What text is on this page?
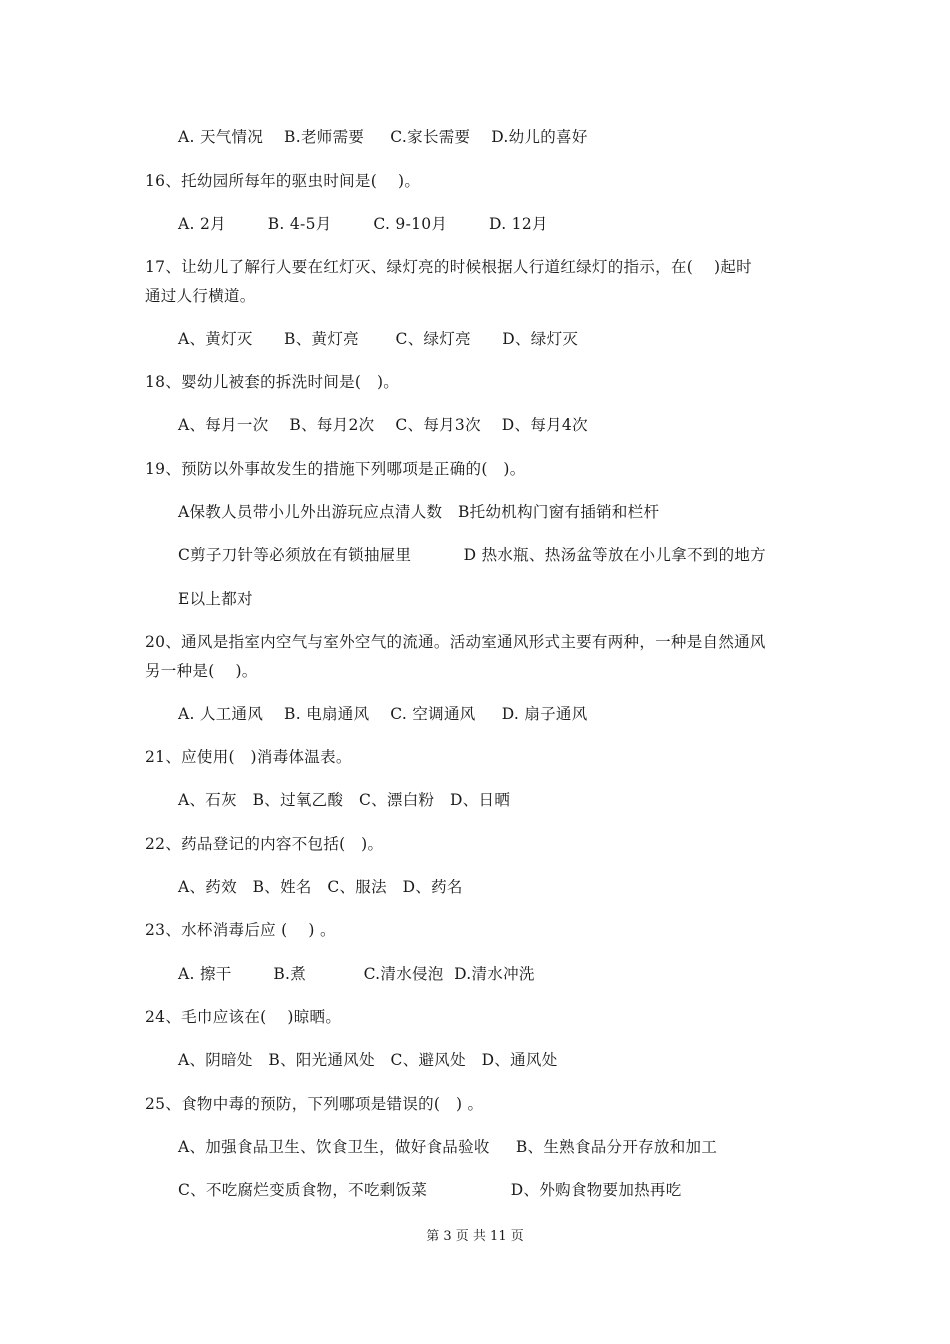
A. 天气情况    B.老师需要     C.家长需要    D.幼儿的喜好
16、托幼园所每年的驱虫时间是(    )。
A. 2月        B. 4-5月        C. 9-10月        D. 12月
17、让幼儿了解行人要在红灯灭、绿灯亮的时候根据人行道红绿灯的指示，在(    )起时
通过人行横道。
A、黄灯灭      B、黄灯亮       C、绿灯亮      D、绿灯灭
18、婴幼儿被套的拆洗时间是(   )。
A、每月一次    B、每月2次    C、每月3次    D、每月4次
19、预防以外事故发生的措施下列哪项是正确的(   )。
A保教人员带小儿外出游玩应点清人数   B托幼机构门窗有插销和栏杆
C剪子刀针等必须放在有锁抽屉里          D 热水瓶、热汤盆等放在小儿拿不到的地方
E以上都对
20、通风是指室内空气与室外空气的流通。活动室通风形式主要有两种，一种是自然通风
另一种是(    )。
A. 人工通风    B. 电扇通风    C. 空调通风     D. 扇子通风
21、应使用(   )消毒体温表。
A、石灰   B、过氧乙酸   C、漂白粉   D、日晒
22、药品登记的内容不包括(   )。
A、药效   B、姓名   C、服法   D、药名
23、水杯消毒后应 (    ) 。
A. 擦干        B.煮           C.清水侵泡  D.清水冲洗
24、毛巾应该在(    )晾晒。
A、阴暗处   B、阳光通风处   C、避风处   D、通风处
25、食物中毒的预防，下列哪项是错误的(   ) 。
A、加强食品卫生、饮食卫生，做好食品验收     B、生熟食品分开存放和加工
C、不吃腐烂变质食物，不吃剩饭菜                D、外购食物要加热再吃
第 3 页 共 11 页
